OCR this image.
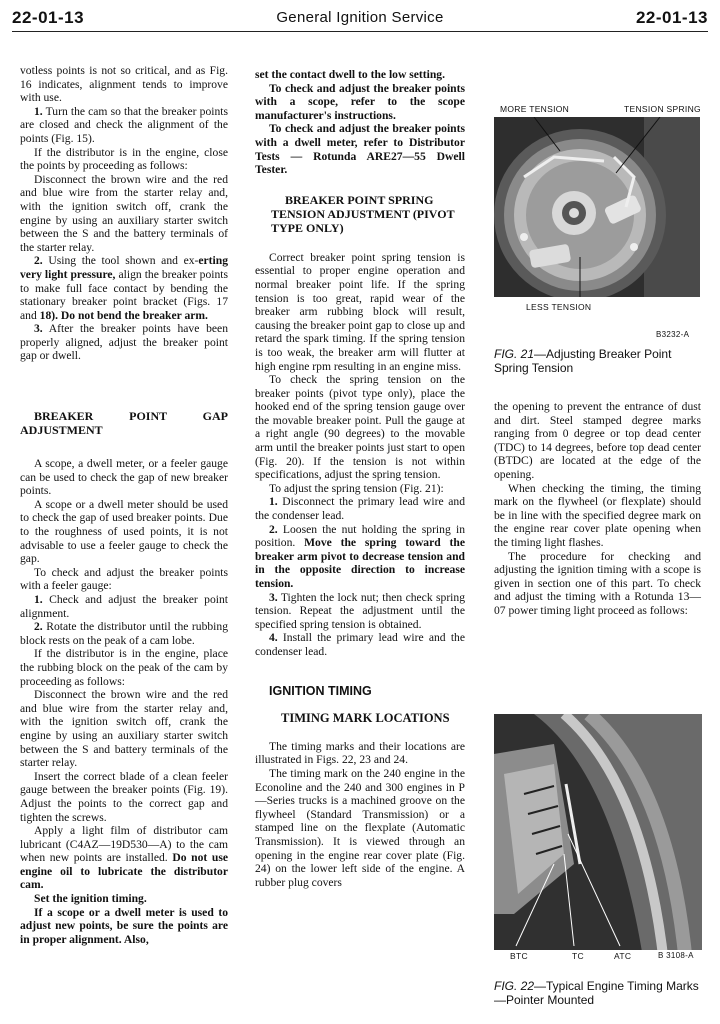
22-01-13	General Ignition Service	22-01-13

votless points is not so critical, and as Fig. 16 indicates, alignment tends to improve with use.

1. Turn the cam so that the breaker points are closed and check the alignment of the points (Fig. 15).

If the distributor is in the engine, close the points by proceeding as follows:

Disconnect the brown wire and the red and blue wire from the starter relay and, with the ignition switch off, crank the engine by using an auxiliary starter switch between the S and the battery terminals of the starter relay.

2. Using the tool shown and ex-erting very light pressure, align the breaker points to make full face contact by bending the stationary breaker point bracket (Figs. 17 and 18). Do not bend the breaker arm.

3. After the breaker points have been properly aligned, adjust the breaker point gap or dwell.

BREAKER POINT GAP ADJUSTMENT

A scope, a dwell meter, or a feeler gauge can be used to check the gap of new breaker points.

A scope or a dwell meter should be used to check the gap of used breaker points. Due to the roughness of used points, it is not advisable to use a feeler gauge to check the gap.

To check and adjust the breaker points with a feeler gauge:

1. Check and adjust the breaker point alignment.

2. Rotate the distributor until the rubbing block rests on the peak of a cam lobe.

If the distributor is in the engine, place the rubbing block on the peak of the cam by proceeding as follows:

Disconnect the brown wire and the red and blue wire from the starter relay and, with the ignition switch off, crank the engine by using an auxiliary starter switch between the S and battery terminals of the starter relay.

Insert the correct blade of a clean feeler gauge between the breaker points (Fig. 19). Adjust the points to the correct gap and tighten the screws.

Apply a light film of distributor cam lubricant (C4AZ—19D530—A) to the cam when new points are installed. Do not use engine oil to lubricate the distributor cam.

Set the ignition timing.

If a scope or a dwell meter is used to adjust new points, be sure the points are in proper alignment. Also,

set the contact dwell to the low setting.

To check and adjust the breaker points with a scope, refer to the scope manufacturer's instructions.

To check and adjust the breaker points with a dwell meter, refer to Distributor Tests — Rotunda ARE27—55 Dwell Tester.

BREAKER POINT SPRING TENSION ADJUSTMENT (PIVOT TYPE ONLY)

Correct breaker point spring tension is essential to proper engine operation and normal breaker point life. If the spring tension is too great, rapid wear of the breaker arm rubbing block will result, causing the breaker point gap to close up and retard the spark timing. If the spring tension is too weak, the breaker arm will flutter at high engine rpm resulting in an engine miss.

To check the spring tension on the breaker points (pivot type only), place the hooked end of the spring tension gauge over the movable breaker point. Pull the gauge at a right angle (90 degrees) to the movable arm until the breaker points just start to open (Fig. 20). If the tension is not within specifications, adjust the spring tension.

To adjust the spring tension (Fig. 21):

1. Disconnect the primary lead wire and the condenser lead.

2. Loosen the nut holding the spring in position. Move the spring toward the breaker arm pivot to decrease tension and in the opposite direction to increase tension.

3. Tighten the lock nut; then check spring tension. Repeat the adjustment until the specified spring tension is obtained.

4. Install the primary lead wire and the condenser lead.

IGNITION TIMING

TIMING MARK LOCATIONS

The timing marks and their locations are illustrated in Figs. 22, 23 and 24.

The timing mark on the 240 engine in the Econoline and the 240 and 300 engines in P—Series trucks is a machined groove on the flywheel (Standard Transmission) or a stamped line on the flexplate (Automatic Transmission). It is viewed through an opening in the engine rear cover plate (Fig. 24) on the lower left side of the engine. A rubber plug covers

MORE TENSION	TENSION SPRING
LESS TENSION
B3232-A
FIG. 21—Adjusting Breaker Point Spring Tension

the opening to prevent the entrance of dust and dirt. Steel stamped degree marks ranging from 0 degree or top dead center (TDC) to 14 degrees, before top dead center (BTDC) are located at the edge of the opening.

When checking the timing, the timing mark on the flywheel (or flexplate) should be in line with the specified degree mark on the engine rear cover plate opening when the timing light flashes.

The procedure for checking and adjusting the ignition timing with a scope is given in section one of this part. To check and adjust the timing with a Rotunda 13—07 power timing light proceed as follows:

BTC	TC	ATC	B 3108-A
FIG. 22—Typical Engine Timing Marks—Pointer Mounted
